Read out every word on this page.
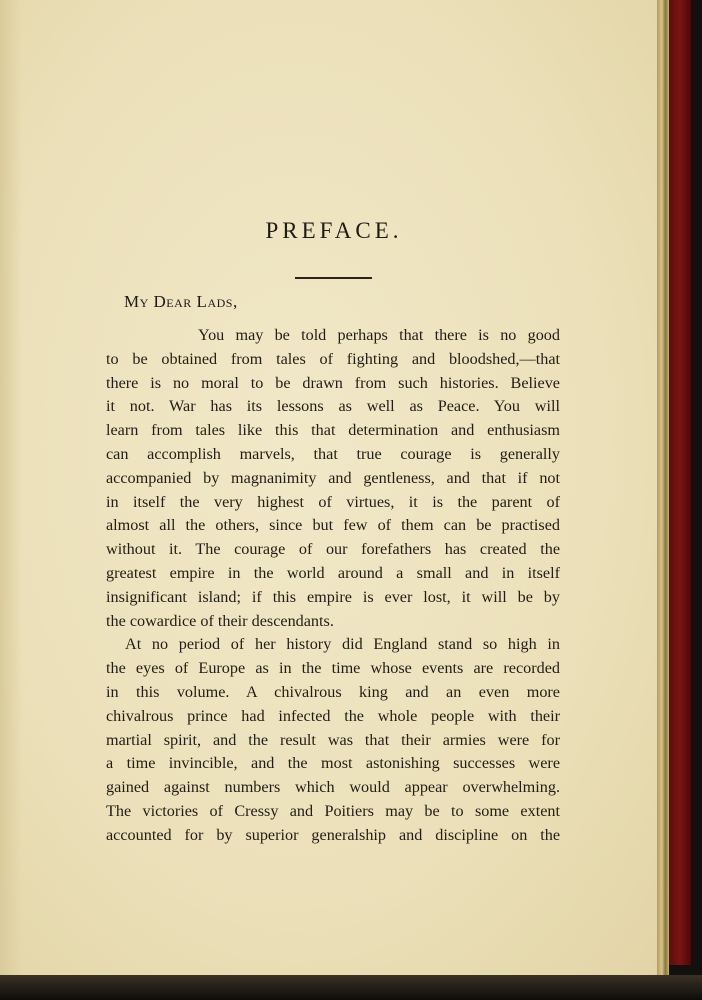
PREFACE.
My Dear Lads,
You may be told perhaps that there is no good
to be obtained from tales of fighting and bloodshed,—that
there is no moral to be drawn from such histories. Believe
it not. War has its lessons as well as Peace. You will
learn from tales like this that determination and enthusiasm
can accomplish marvels, that true courage is generally
accompanied by magnanimity and gentleness, and that if not
in itself the very highest of virtues, it is the parent of
almost all the others, since but few of them can be practised
without it. The courage of our forefathers has created the
greatest empire in the world around a small and in itself
insignificant island; if this empire is ever lost, it will be by
the cowardice of their descendants.
At no period of her history did England stand so high in
the eyes of Europe as in the time whose events are recorded
in this volume. A chivalrous king and an even more
chivalrous prince had infected the whole people with their
martial spirit, and the result was that their armies were for
a time invincible, and the most astonishing successes were
gained against numbers which would appear overwhelming.
The victories of Cressy and Poitiers may be to some extent
accounted for by superior generalship and discipline on the
